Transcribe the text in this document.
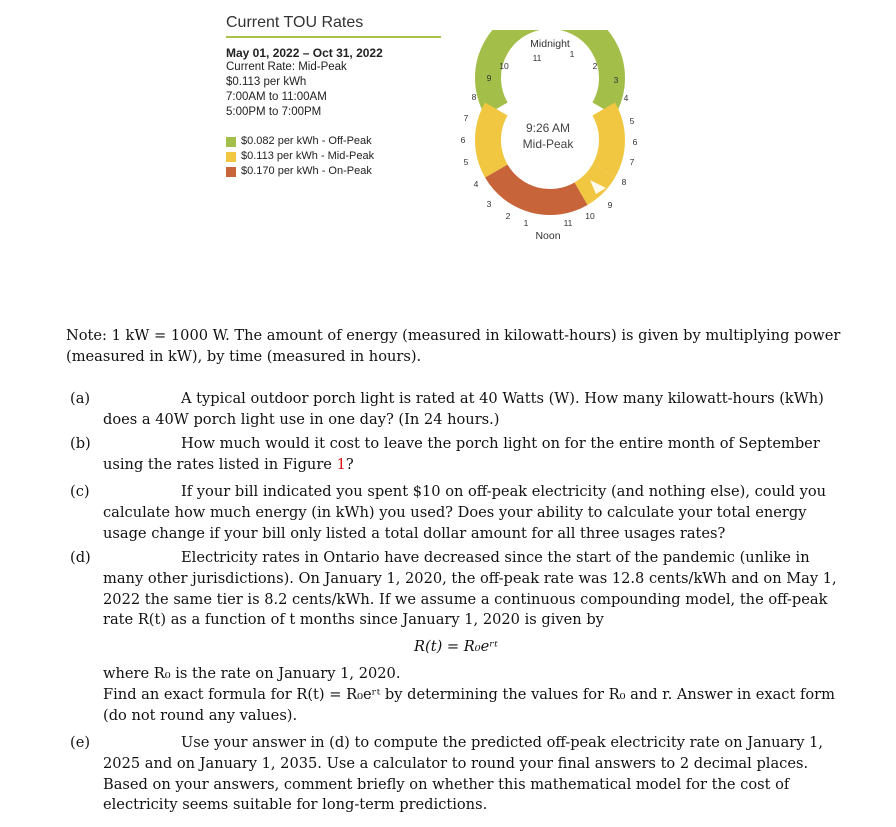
Current TOU Rates
May 01, 2022 – Oct 31, 2022
Current Rate: Mid-Peak
$0.113 per kWh
7:00AM to 11:00AM
5:00PM to 7:00PM
$0.082 per kWh - Off-Peak
$0.113 per kWh - Mid-Peak
$0.170 per kWh - On-Peak
Midnight
Noon
9:26 AM
Mid-Peak
11	1
2
3
4
5
6
7
8
9
10
11
10
9
8
7
6
5
4
3
2
1
Note: 1 kW = 1000 W. The amount of energy (measured in kilowatt-hours) is given by multiplying power (measured in kW), by time (measured in hours).
(a)	A typical outdoor porch light is rated at 40 Watts (W). How many kilowatt-hours (kWh) does a 40W porch light use in one day? (In 24 hours.)
(b)	How much would it cost to leave the porch light on for the entire month of September using the rates listed in Figure 1?
(c)	If your bill indicated you spent $10 on off-peak electricity (and nothing else), could you calculate how much energy (in kWh) you used? Does your ability to calculate your total energy usage change if your bill only listed a total dollar amount for all three usages rates?
(d)	Electricity rates in Ontario have decreased since the start of the pandemic (unlike in many other jurisdictions). On January 1, 2020, the off-peak rate was 12.8 cents/kWh and on May 1, 2022 the same tier is 8.2 cents/kWh. If we assume a continuous compounding model, the off-peak rate R(t) as a function of t months since January 1, 2020 is given by
R(t) = R₀eʳᵗ
where R₀ is the rate on January 1, 2020.
Find an exact formula for R(t) = R₀eʳᵗ by determining the values for R₀ and r. Answer in exact form (do not round any values).
(e)	Use your answer in (d) to compute the predicted off-peak electricity rate on January 1, 2025 and on January 1, 2035. Use a calculator to round your final answers to 2 decimal places.
Based on your answers, comment briefly on whether this mathematical model for the cost of electricity seems suitable for long-term predictions.
